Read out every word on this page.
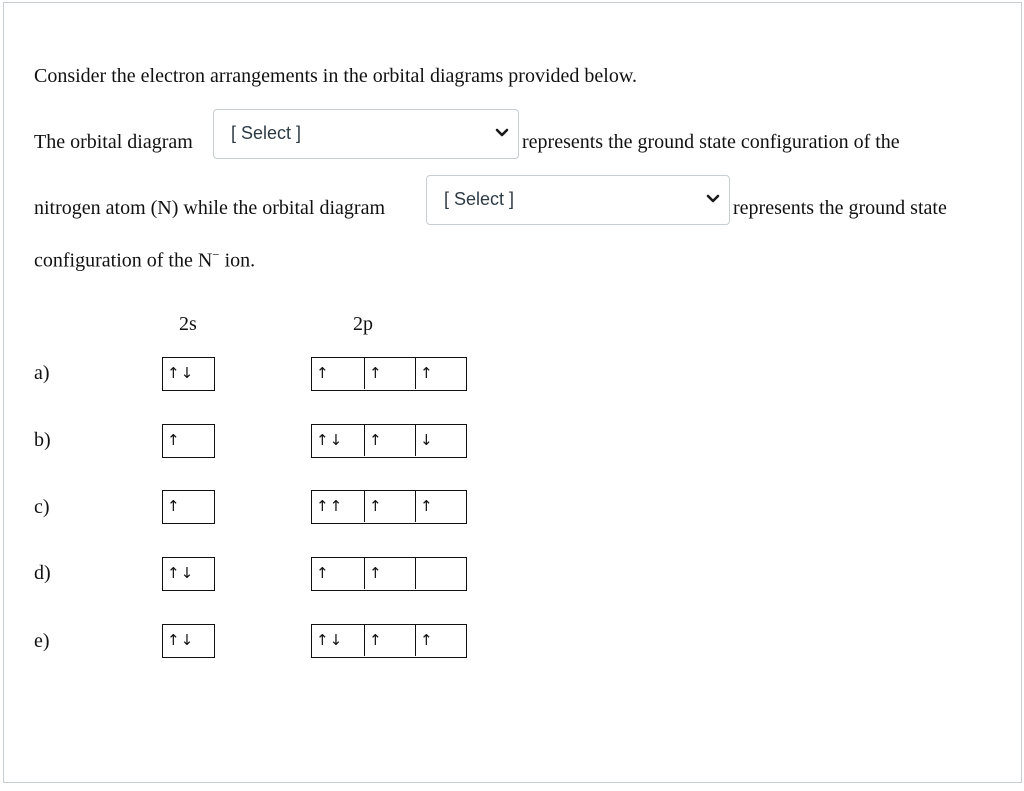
Consider the electron arrangements in the orbital diagrams provided below.
The orbital diagram [ Select ]	represents the ground state configuration of the
nitrogen atom (N) while the orbital diagram	[ Select ]	represents the ground state
configuration of the N− ion.
2s	2p
a)	↑↓	↑	↑	↑
b)	↑	↑↓	↑	↓
c)	↑	↑↑	↑	↑
d)	↑↓	↑	↑
e)	↑↓	↑↓	↑	↑
